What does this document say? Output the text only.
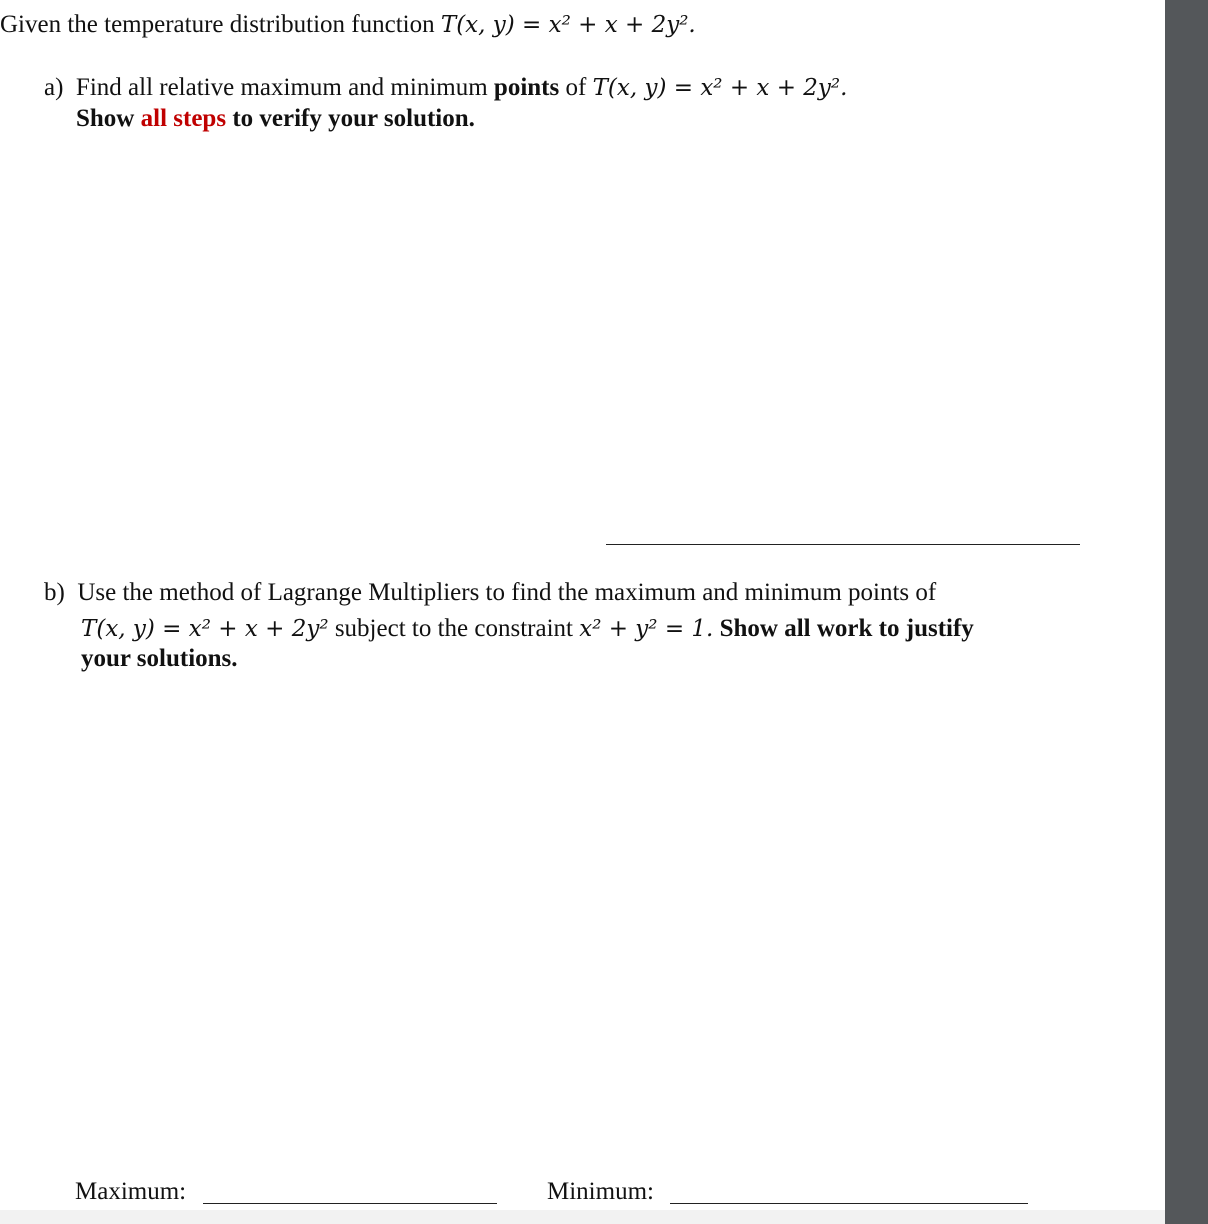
Given the temperature distribution function T(x, y) = x² + x + 2y².
a) Find all relative maximum and minimum points of T(x, y) = x² + x + 2y².
Show all steps to verify your solution.
b) Use the method of Lagrange Multipliers to find the maximum and minimum points of
T(x, y) = x² + x + 2y² subject to the constraint x² + y² = 1. Show all work to justify
your solutions.
Maximum:	Minimum:
